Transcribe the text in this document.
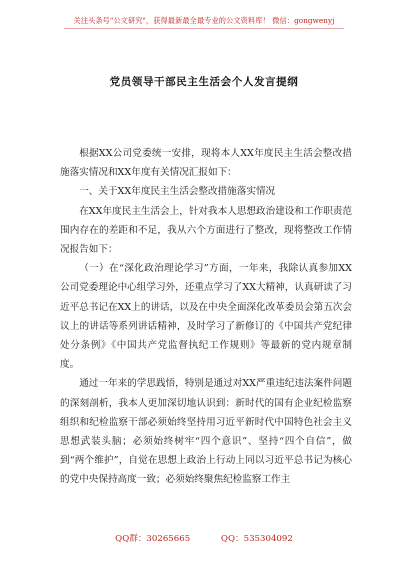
关注头条号"公文研究"，获得最新最全最专业的公文资料库！ 微信：gongwenyj
党员领导干部民主生活会个人发言提纲

根据XX公司党委统一安排，现将本人XX年度民主生活会整改措施落实情况和XX年度有关情况汇报如下：

一、关于XX年度民主生活会整改措施落实情况

在XX年度民主生活会上，针对我本人思想政治建设和工作职责范围内存在的差距和不足，我从六个方面进行了整改，现将整改工作情况报告如下：

（一）在“深化政治理论学习”方面，一年来，我除认真参加XX公司党委理论中心组学习外，还重点学习了XX大精神，认真研读了习近平总书记在XX上的讲话，以及在中央全面深化改革委员会第五次会议上的讲话等系列讲话精神，及时学习了新修订的《中国共产党纪律处分条例》《中国共产党监督执纪工作规则》等最新的党内规章制度。

通过一年来的学思践悟，特别是通过对XX严重违纪违法案件问题的深刻剖析，我本人更加深切地认识到：新时代的国有企业纪检监察组织和纪检监察干部必须始终坚持用习近平新时代中国特色社会主义思想武装头脑；必须始终树牢“四个意识”、坚持“四个自信”，做到“两个维护”，自觉在思想上政治上行动上同以习近平总书记为核心的党中央保持高度一致；必须始终聚焦纪检监察工作主

QQ群：30265665	QQ：535304092
